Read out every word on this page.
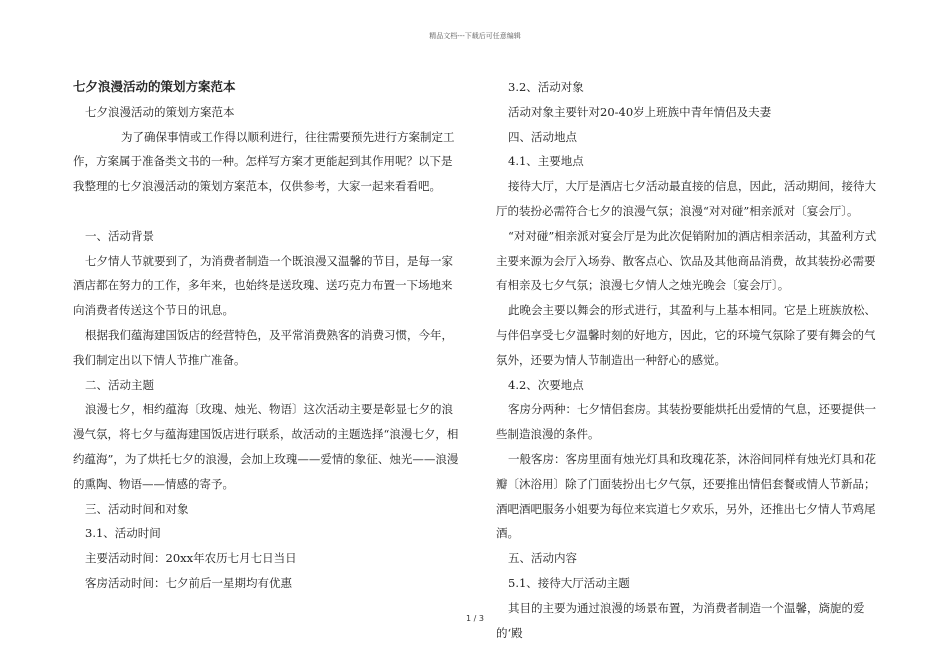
精品文档---下载后可任意编辑

七夕浪漫活动的策划方案范本

七夕浪漫活动的策划方案范本

为了确保事情或工作得以顺利进行，往往需要预先进行方案制定工作，方案属于准备类文书的一种。怎样写方案才更能起到其作用呢？以下是我整理的七夕浪漫活动的策划方案范本，仅供参考，大家一起来看看吧。

一、活动背景

七夕情人节就要到了，为消费者制造一个既浪漫又温馨的节目，是每一家酒店都在努力的工作，多年来，也始终是送玫瑰、送巧克力布置一下场地来向消费者传送这个节日的讯息。

根据我们蕴海建国饭店的经营特色，及平常消费熟客的消费习惯，今年，我们制定出以下情人节推广准备。

二、活动主题

浪漫七夕，相约蕴海〔玫瑰、烛光、物语〕这次活动主要是彰显七夕的浪漫气氛，将七夕与蕴海建国饭店进行联系，故活动的主题选择“浪漫七夕，相约蕴海”，为了烘托七夕的浪漫，会加上玫瑰——爱情的象征、烛光——浪漫的熏陶、物语——情感的寄予。

三、活动时间和对象

3.1、活动时间

主要活动时间：20xx年农历七月七日当日

客房活动时间：七夕前后一星期均有优惠

3.2、活动对象

活动对象主要针对20-40岁上班族中青年情侣及夫妻

四、活动地点

4.1、主要地点

接待大厅，大厅是酒店七夕活动最直接的信息，因此，活动期间，接待大厅的装扮必需符合七夕的浪漫气氛；浪漫“对对碰”相亲派对〔宴会厅〕。

“对对碰”相亲派对宴会厅是为此次促销附加的酒店相亲活动，其盈利方式主要来源为会厅入场券、散客点心、饮品及其他商品消费，故其装扮必需要有相亲及七夕气氛；浪漫七夕情人之烛光晚会〔宴会厅〕。

此晚会主要以舞会的形式进行，其盈利与上基本相同。它是上班族放松、与伴侣享受七夕温馨时刻的好地方，因此，它的环境气氛除了要有舞会的气氛外，还要为情人节制造出一种舒心的感觉。

4.2、次要地点

客房分两种：七夕情侣套房。其装扮要能烘托出爱情的气息，还要提供一些制造浪漫的条件。

一般客房：客房里面有烛光灯具和玫瑰花茶，沐浴间同样有烛光灯具和花瓣〔沐浴用〕除了门面装扮出七夕气氛，还要推出情侣套餐或情人节新品；酒吧酒吧服务小姐要为每位来宾道七夕欢乐，另外，还推出七夕情人节鸡尾酒。

五、活动内容

5.1、接待大厅活动主题

其目的主要为通过浪漫的场景布置，为消费者制造一个温馨，旖旎的爱的‘殿

1 / 3
